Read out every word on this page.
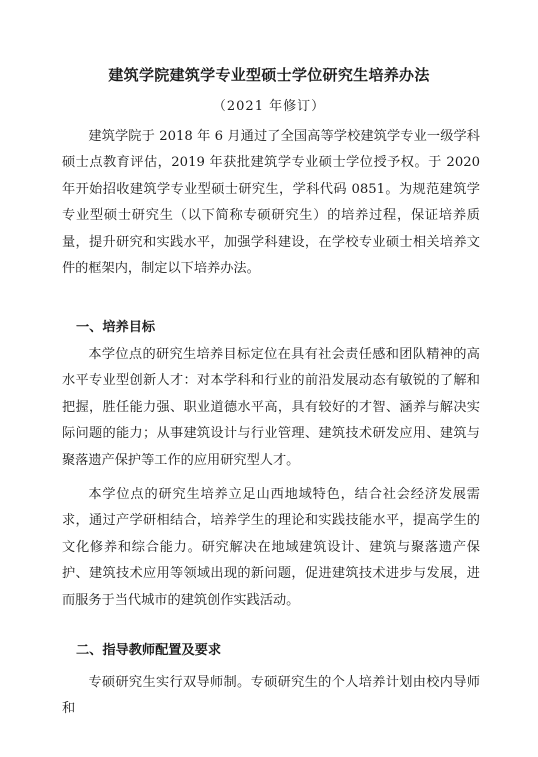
建筑学院建筑学专业型硕士学位研究生培养办法
（2021 年修订）

建筑学院于 2018 年 6 月通过了全国高等学校建筑学专业一级学科硕士点教育评估，2019 年获批建筑学专业硕士学位授予权。于 2020 年开始招收建筑学专业型硕士研究生，学科代码 0851。为规范建筑学专业型硕士研究生（以下简称专硕研究生）的培养过程，保证培养质量，提升研究和实践水平，加强学科建设，在学校专业硕士相关培养文件的框架内，制定以下培养办法。

一、培养目标

本学位点的研究生培养目标定位在具有社会责任感和团队精神的高水平专业型创新人才：对本学科和行业的前沿发展动态有敏锐的了解和把握，胜任能力强、职业道德水平高，具有较好的才智、涵养与解决实际问题的能力；从事建筑设计与行业管理、建筑技术研发应用、建筑与聚落遗产保护等工作的应用研究型人才。

本学位点的研究生培养立足山西地域特色，结合社会经济发展需求，通过产学研相结合，培养学生的理论和实践技能水平，提高学生的文化修养和综合能力。研究解决在地域建筑设计、建筑与聚落遗产保护、建筑技术应用等领域出现的新问题，促进建筑技术进步与发展，进而服务于当代城市的建筑创作实践活动。

二、指导教师配置及要求

专硕研究生实行双导师制。专硕研究生的个人培养计划由校内导师和
